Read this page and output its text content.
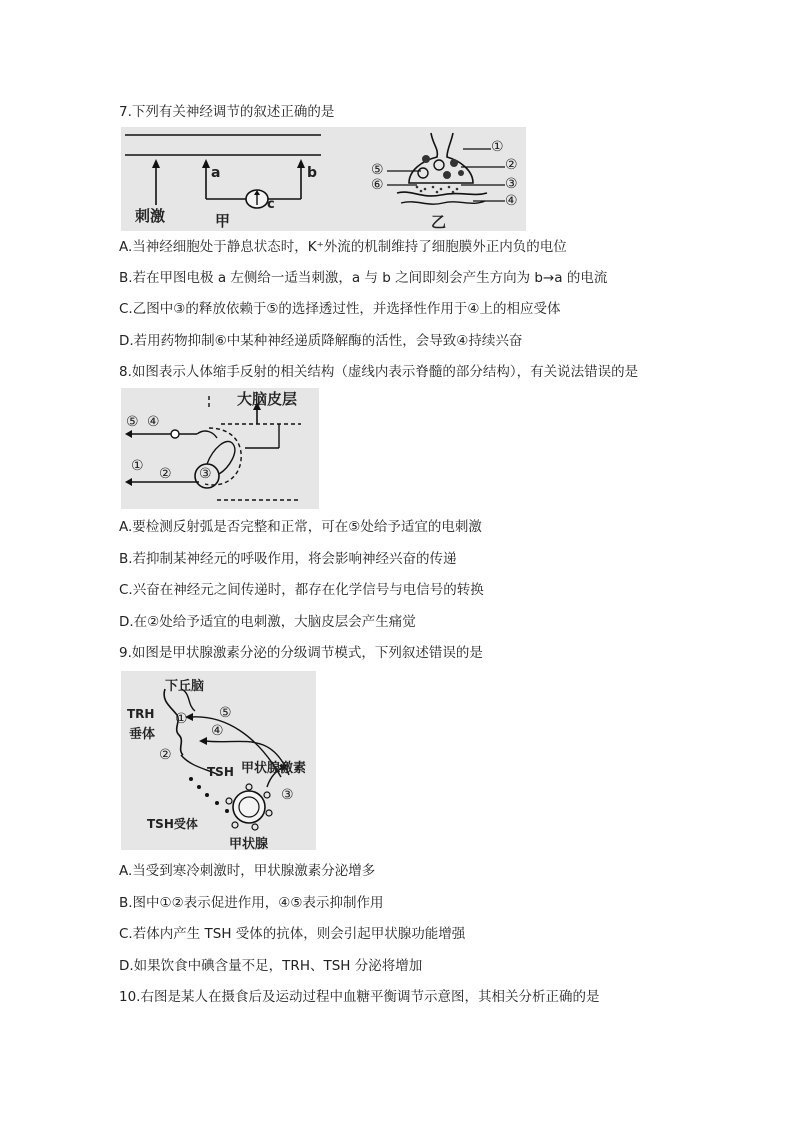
7.下列有关神经调节的叙述正确的是
刺激	甲
a	b
c
乙
①
②
③
④
⑤
⑥
A.当神经细胞处于静息状态时，K⁺外流的机制维持了细胞膜外正内负的电位
B.若在甲图电极 a 左侧给一适当刺激，a 与 b 之间即刻会产生方向为 b→a 的电流
C.乙图中③的释放依赖于⑤的选择透过性，并选择性作用于④上的相应受体
D.若用药物抑制⑥中某种神经递质降解酶的活性，会导致④持续兴奋
8.如图表示人体缩手反射的相关结构（虚线内表示脊髓的部分结构），有关说法错误的是
大脑皮层
⑤ ④
① ② ③
A.要检测反射弧是否完整和正常，可在⑤处给予适宜的电刺激
B.若抑制某神经元的呼吸作用，将会影响神经兴奋的传递
C.兴奋在神经元之间传递时，都存在化学信号与电信号的转换
D.在②处给予适宜的电刺激，大脑皮层会产生痛觉
9.如图是甲状腺激素分泌的分级调节模式，下列叙述错误的是
下丘脑
TRH
垂体
TSH 甲状腺激素
TSH受体
甲状腺
①
②
③
④
⑤
A.当受到寒冷刺激时，甲状腺激素分泌增多
B.图中①②表示促进作用，④⑤表示抑制作用
C.若体内产生 TSH 受体的抗体，则会引起甲状腺功能增强
D.如果饮食中碘含量不足，TRH、TSH 分泌将增加
10.右图是某人在摄食后及运动过程中血糖平衡调节示意图，其相关分析正确的是
